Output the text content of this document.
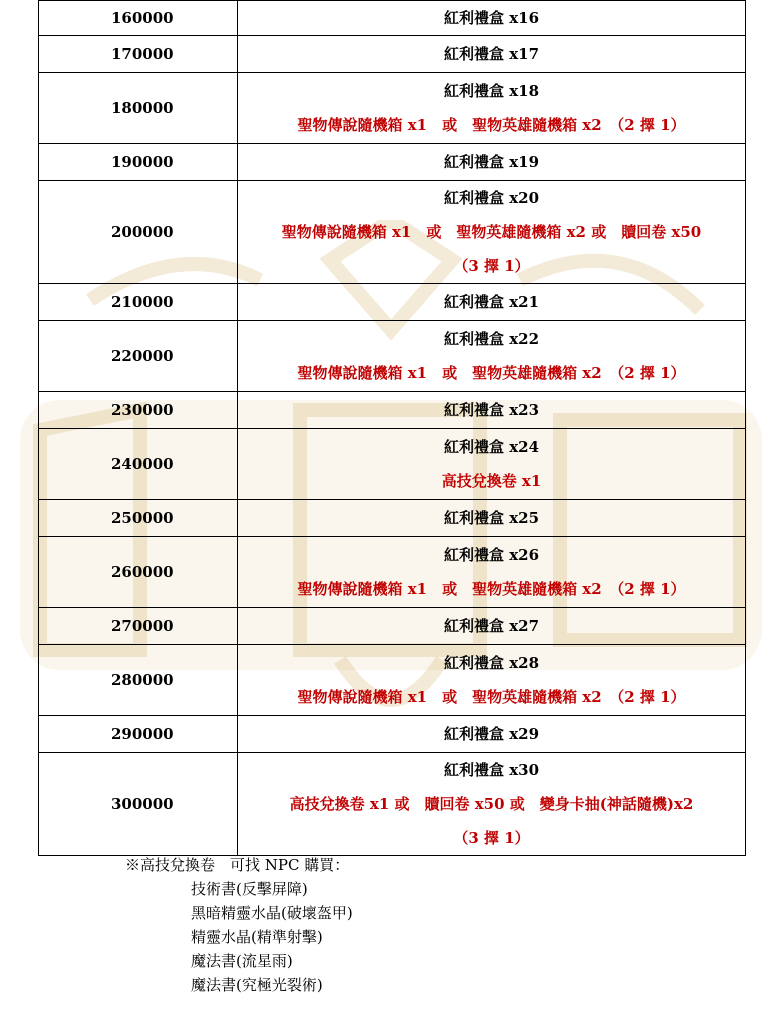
160000	紅利禮盒 x16

170000	紅利禮盒 x17

180000	紅利禮盒 x18
聖物傳說隨機箱 x1　或　聖物英雄隨機箱 x2　（2 擇 1）

190000	紅利禮盒 x19

200000	紅利禮盒 x20
聖物傳說隨機箱 x1　或　聖物英雄隨機箱 x2 或　贖回卷 x50
（3 擇 1）

210000	紅利禮盒 x21

220000	紅利禮盒 x22
聖物傳說隨機箱 x1　或　聖物英雄隨機箱 x2　（2 擇 1）

230000	紅利禮盒 x23

240000	紅利禮盒 x24
高技兌換卷 x1

250000	紅利禮盒 x25

260000	紅利禮盒 x26
聖物傳說隨機箱 x1　或　聖物英雄隨機箱 x2　（2 擇 1）

270000	紅利禮盒 x27

280000	紅利禮盒 x28
聖物傳說隨機箱 x1　或　聖物英雄隨機箱 x2　（2 擇 1）

290000	紅利禮盒 x29

300000	紅利禮盒 x30
高技兌換卷 x1 或　贖回卷 x50 或　變身卡抽(神話隨機)x2
（3 擇 1）
※高技兌換卷　可找 NPC 購買：
技術書(反擊屏障)
黑暗精靈水晶(破壞盔甲)
精靈水晶(精準射擊)
魔法書(流星雨)
魔法書(究極光裂術)
